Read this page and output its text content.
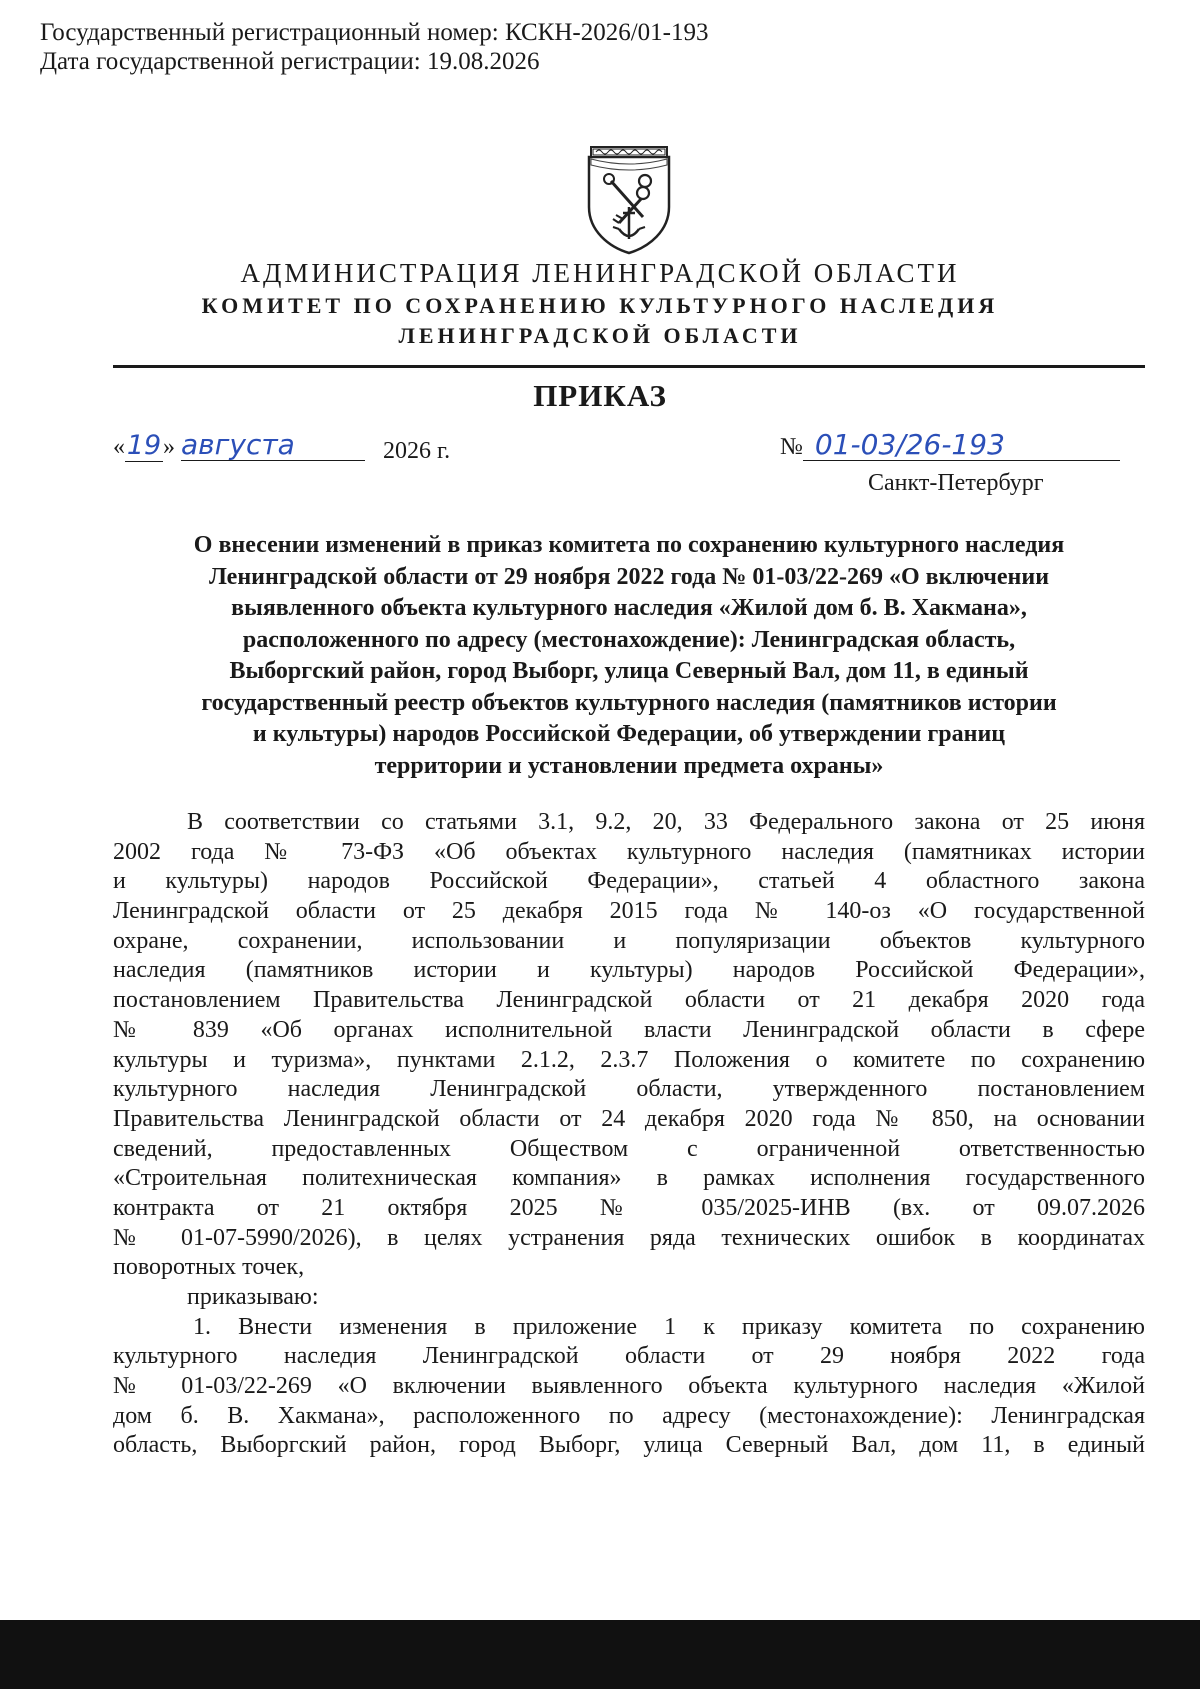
Государственный регистрационный номер: КСКН-2026/01-193
Дата государственной регистрации: 19.08.2026
АДМИНИСТРАЦИЯ ЛЕНИНГРАДСКОЙ ОБЛАСТИ
КОМИТЕТ ПО СОХРАНЕНИЮ КУЛЬТУРНОГО НАСЛЕДИЯ
ЛЕНИНГРАДСКОЙ ОБЛАСТИ
ПРИКАЗ
«19» августа	2026 г.	№ 01-03/26-193
Санкт-Петербург
О внесении изменений в приказ комитета по сохранению культурного наследия
Ленинградской области от 29 ноября 2022 года № 01-03/22-269 «О включении
выявленного объекта культурного наследия «Жилой дом б. В. Хакмана»,
расположенного по адресу (местонахождение): Ленинградская область,
Выборгский район, город Выборг, улица Северный Вал, дом 11, в единый
государственный реестр объектов культурного наследия (памятников истории
и культуры) народов Российской Федерации, об утверждении границ
территории и установлении предмета охраны»
В соответствии со статьями 3.1, 9.2, 20, 33 Федерального закона от 25 июня
2002 года № 73-ФЗ «Об объектах культурного наследия (памятниках истории
и культуры) народов Российской Федерации», статьей 4 областного закона
Ленинградской области от 25 декабря 2015 года № 140-оз «О государственной
охране, сохранении, использовании и популяризации объектов культурного
наследия (памятников истории и культуры) народов Российской Федерации»,
постановлением Правительства Ленинградской области от 21 декабря 2020 года
№ 839 «Об органах исполнительной власти Ленинградской области в сфере
культуры и туризма», пунктами 2.1.2, 2.3.7 Положения о комитете по сохранению
культурного наследия Ленинградской области, утвержденного постановлением
Правительства Ленинградской области от 24 декабря 2020 года № 850, на основании
сведений, предоставленных Обществом с ограниченной ответственностью
«Строительная политехническая компания» в рамках исполнения государственного
контракта от 21 октября 2025 № 035/2025-ИНВ (вх. от 09.07.2026
№ 01-07-5990/2026), в целях устранения ряда технических ошибок в координатах
поворотных точек,
приказываю:
1. Внести изменения в приложение 1 к приказу комитета по сохранению
культурного наследия Ленинградской области от 29 ноября 2022 года
№ 01-03/22-269 «О включении выявленного объекта культурного наследия «Жилой
дом б. В. Хакмана», расположенного по адресу (местонахождение): Ленинградская
область, Выборгский район, город Выборг, улица Северный Вал, дом 11, в единый
